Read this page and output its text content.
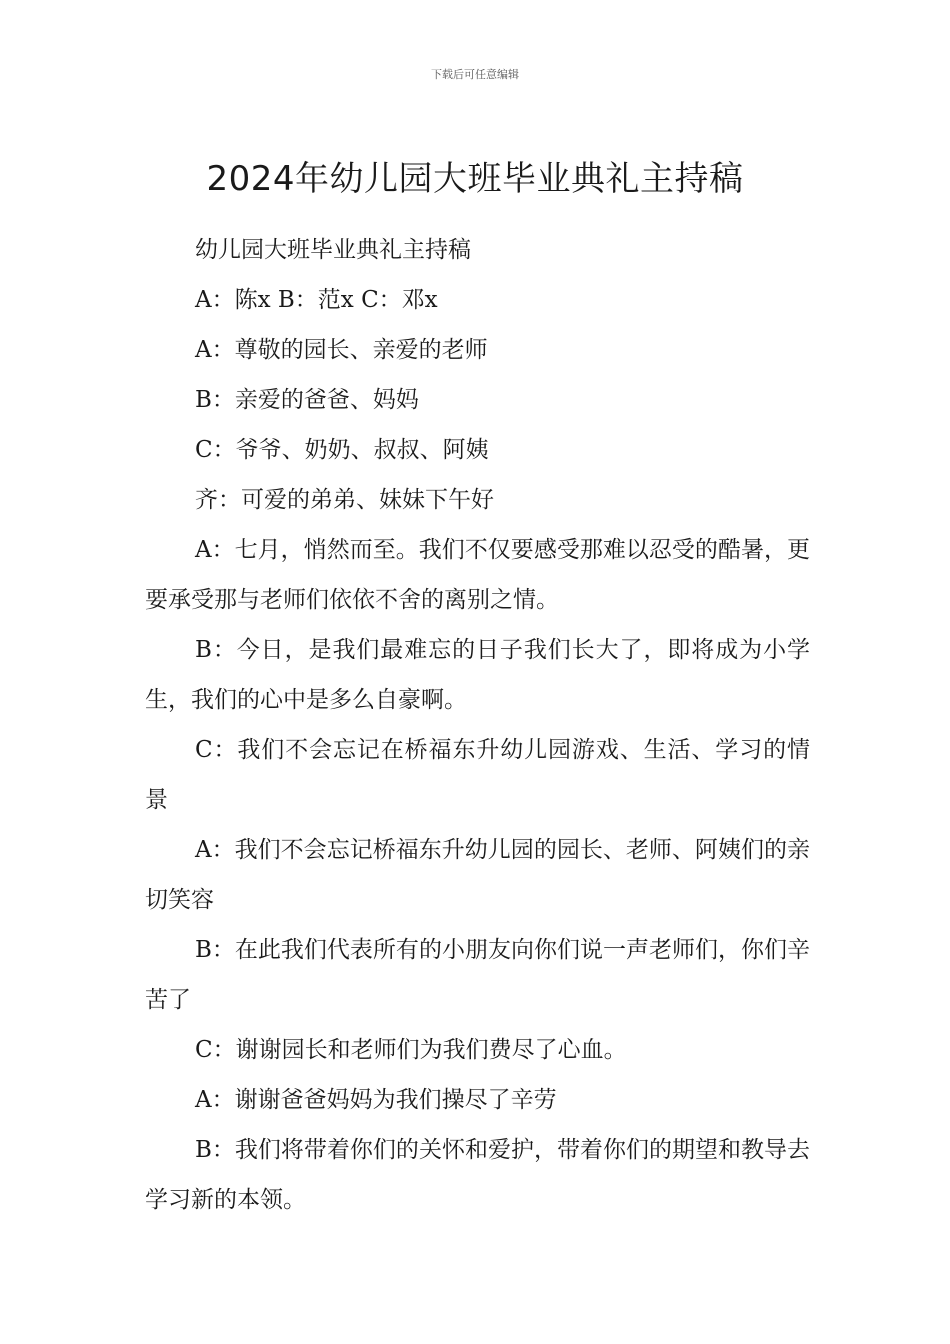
下载后可任意编辑
2024年幼儿园大班毕业典礼主持稿

幼儿园大班毕业典礼主持稿

A：陈x B：范x C：邓x

A：尊敬的园长、亲爱的老师

B：亲爱的爸爸、妈妈

C：爷爷、奶奶、叔叔、阿姨

齐：可爱的弟弟、妹妹下午好

A：七月，悄然而至。我们不仅要感受那难以忍受的酷暑，更要承受那与老师们依依不舍的离别之情。

B：今日，是我们最难忘的日子我们长大了，即将成为小学生，我们的心中是多么自豪啊。

C：我们不会忘记在桥福东升幼儿园游戏、生活、学习的情景

A：我们不会忘记桥福东升幼儿园的园长、老师、阿姨们的亲切笑容

B：在此我们代表所有的小朋友向你们说一声老师们，你们辛苦了

C：谢谢园长和老师们为我们费尽了心血。

A：谢谢爸爸妈妈为我们操尽了辛劳

B：我们将带着你们的关怀和爱护，带着你们的期望和教导去学习新的本领。
